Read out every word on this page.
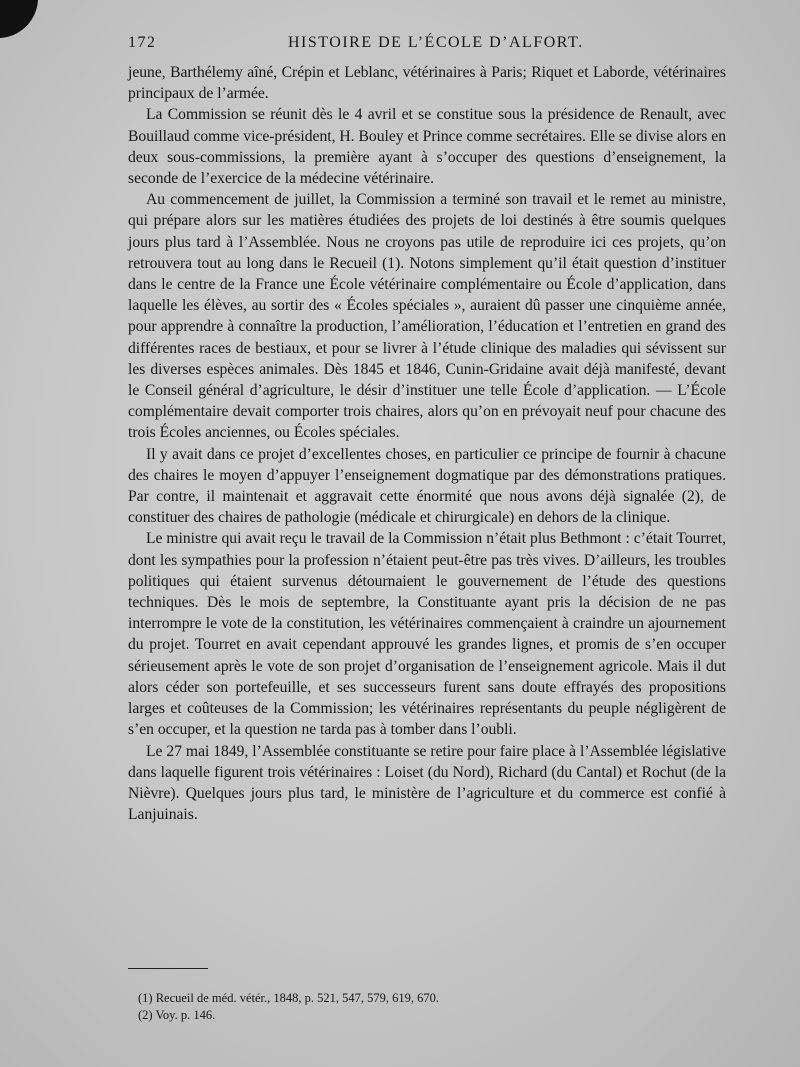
172	HISTOIRE DE L’ÉCOLE D’ALFORT.

jeune, Barthélemy aîné, Crépin et Leblanc, vétérinaires à Paris; Riquet et Laborde, vétérinaires principaux de l’armée.

La Commission se réunit dès le 4 avril et se constitue sous la présidence de Renault, avec Bouillaud comme vice-président, H. Bouley et Prince comme secrétaires. Elle se divise alors en deux sous-commissions, la première ayant à s’occuper des questions d’enseignement, la seconde de l’exercice de la médecine vétérinaire.

Au commencement de juillet, la Commission a terminé son travail et le remet au ministre, qui prépare alors sur les matières étudiées des projets de loi destinés à être soumis quelques jours plus tard à l’Assemblée. Nous ne croyons pas utile de reproduire ici ces projets, qu’on retrouvera tout au long dans le Recueil (1). Notons simplement qu’il était question d’instituer dans le centre de la France une École vétérinaire complémentaire ou École d’application, dans laquelle les élèves, au sortir des « Écoles spéciales », auraient dû passer une cinquième année, pour apprendre à connaître la production, l’amélioration, l’éducation et l’entretien en grand des différentes races de bestiaux, et pour se livrer à l’étude clinique des maladies qui sévissent sur les diverses espèces animales. Dès 1845 et 1846, Cunin-Gridaine avait déjà manifesté, devant le Conseil général d’agriculture, le désir d’instituer une telle École d’application. — L’École complémentaire devait comporter trois chaires, alors qu’on en prévoyait neuf pour chacune des trois Écoles anciennes, ou Écoles spéciales.

Il y avait dans ce projet d’excellentes choses, en particulier ce principe de fournir à chacune des chaires le moyen d’appuyer l’enseignement dogmatique par des démonstrations pratiques. Par contre, il maintenait et aggravait cette énormité que nous avons déjà signalée (2), de constituer des chaires de pathologie (médicale et chirurgicale) en dehors de la clinique.

Le ministre qui avait reçu le travail de la Commission n’était plus Bethmont : c’était Tourret, dont les sympathies pour la profession n’étaient peut-être pas très vives. D’ailleurs, les troubles politiques qui étaient survenus détournaient le gouvernement de l’étude des questions techniques. Dès le mois de septembre, la Constituante ayant pris la décision de ne pas interrompre le vote de la constitution, les vétérinaires commençaient à craindre un ajournement du projet. Tourret en avait cependant approuvé les grandes lignes, et promis de s’en occuper sérieusement après le vote de son projet d’organisation de l’enseignement agricole. Mais il dut alors céder son portefeuille, et ses successeurs furent sans doute effrayés des propositions larges et coûteuses de la Commission; les vétérinaires représentants du peuple négligèrent de s’en occuper, et la question ne tarda pas à tomber dans l’oubli.

Le 27 mai 1849, l’Assemblée constituante se retire pour faire place à l’Assemblée législative dans laquelle figurent trois vétérinaires : Loiset (du Nord), Richard (du Cantal) et Rochut (de la Nièvre). Quelques jours plus tard, le ministère de l’agriculture et du commerce est confié à Lanjuinais.

(1) Recueil de méd. vétér., 1848, p. 521, 547, 579, 619, 670.
(2) Voy. p. 146.
